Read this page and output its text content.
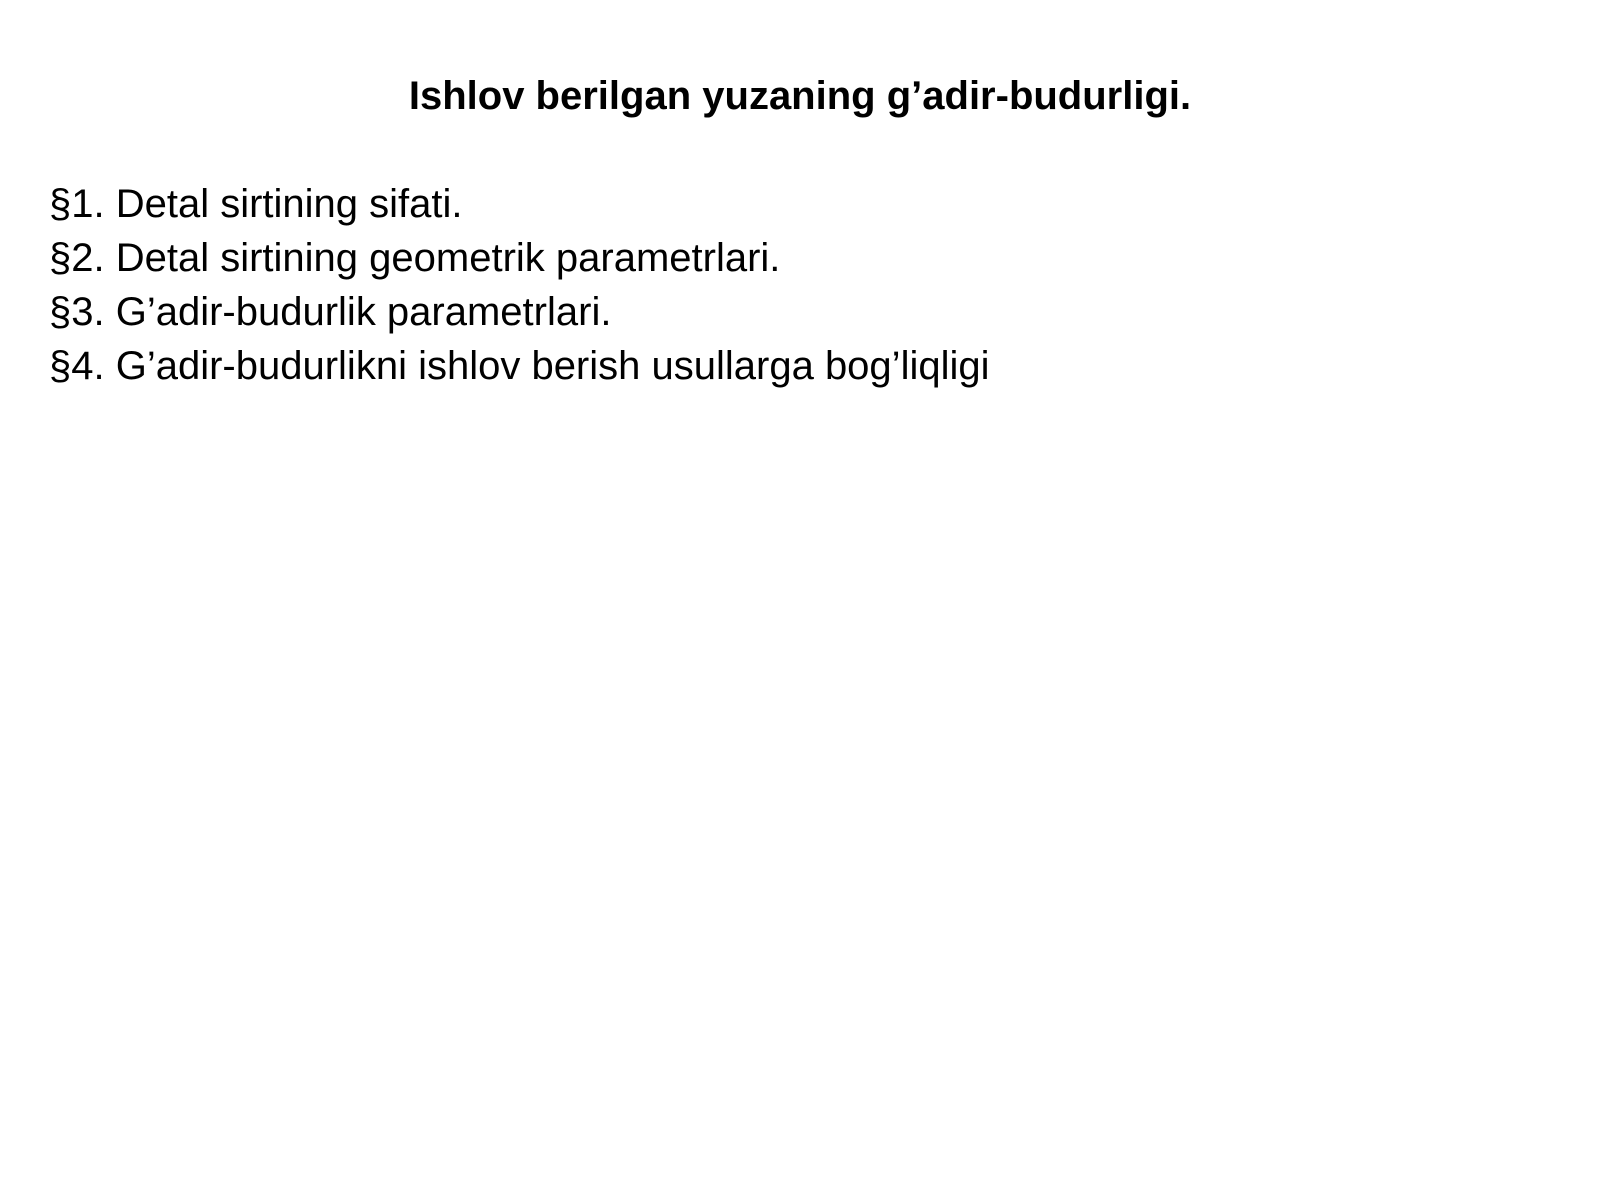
Ishlov berilgan yuzaning g’adir-budurligi.
§1. Detal sirtining sifati.
§2. Detal sirtining geometrik parametrlari.
§3. G’adir-budurlik parametrlari.
§4. G’adir-budurlikni ishlov berish usullarga bog’liqligi
